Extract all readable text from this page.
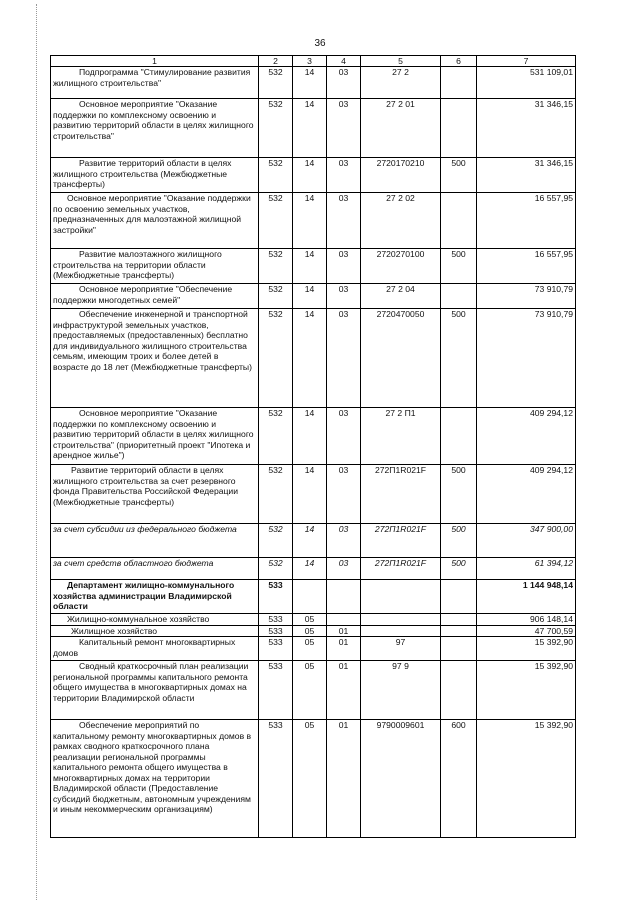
36
1	2	3	4	5	6	7
Подпрограмма "Стимулирование развития жилищного строительства"	532	14	03	27 2		531 109,01
Основное мероприятие "Оказание поддержки по комплексному освоению и развитию территорий области в целях жилищного строительства"	532	14	03	27 2 01		31 346,15
Развитие территорий области в целях жилищного строительства (Межбюджетные трансферты)	532	14	03	2720170210	500	31 346,15
Основное мероприятие "Оказание поддержки по освоению земельных участков, предназначенных для малоэтажной жилищной застройки"	532	14	03	27 2 02		16 557,95
Развитие малоэтажного жилищного строительства на территории области (Межбюджетные трансферты)	532	14	03	2720270100	500	16 557,95
Основное мероприятие "Обеспечение поддержки многодетных семей"	532	14	03	27 2 04		73 910,79
Обеспечение инженерной и транспортной инфраструктурой земельных участков, предоставляемых (предоставленных) бесплатно для индивидуального жилищного строительства семьям, имеющим троих и более детей в возрасте до 18 лет (Межбюджетные трансферты)	532	14	03	2720470050	500	73 910,79
Основное мероприятие "Оказание поддержки по комплексному освоению и развитию территорий области в целях жилищного строительства" (приоритетный проект "Ипотека и арендное жилье")	532	14	03	27 2 П1		409 294,12
Развитие территорий области в целях жилищного строительства за счет резервного фонда Правительства Российской Федерации (Межбюджетные трансферты)	532	14	03	272П1R021F	500	409 294,12
за счет субсидии из федерального бюджета	532	14	03	272П1R021F	500	347 900,00
за счет средств областного бюджета	532	14	03	272П1R021F	500	61 394,12
Департамент жилищно-коммунального хозяйства администрации Владимирской области	533					1 144 948,14
Жилищно-коммунальное хозяйство	533	05				906 148,14
Жилищное хозяйство	533	05	01			47 700,59
Капитальный ремонт многоквартирных домов	533	05	01	97		15 392,90
Сводный краткосрочный план реализации региональной программы капитального ремонта общего имущества в многоквартирных домах на территории Владимирской области	533	05	01	97 9		15 392,90
Обеспечение мероприятий по капитальному ремонту многоквартирных домов в рамках сводного краткосрочного плана реализации региональной программы капитального ремонта общего имущества в многоквартирных домах на территории Владимирской области (Предоставление субсидий бюджетным, автономным учреждениям и иным некоммерческим организациям)	533	05	01	9790009601	600	15 392,90
